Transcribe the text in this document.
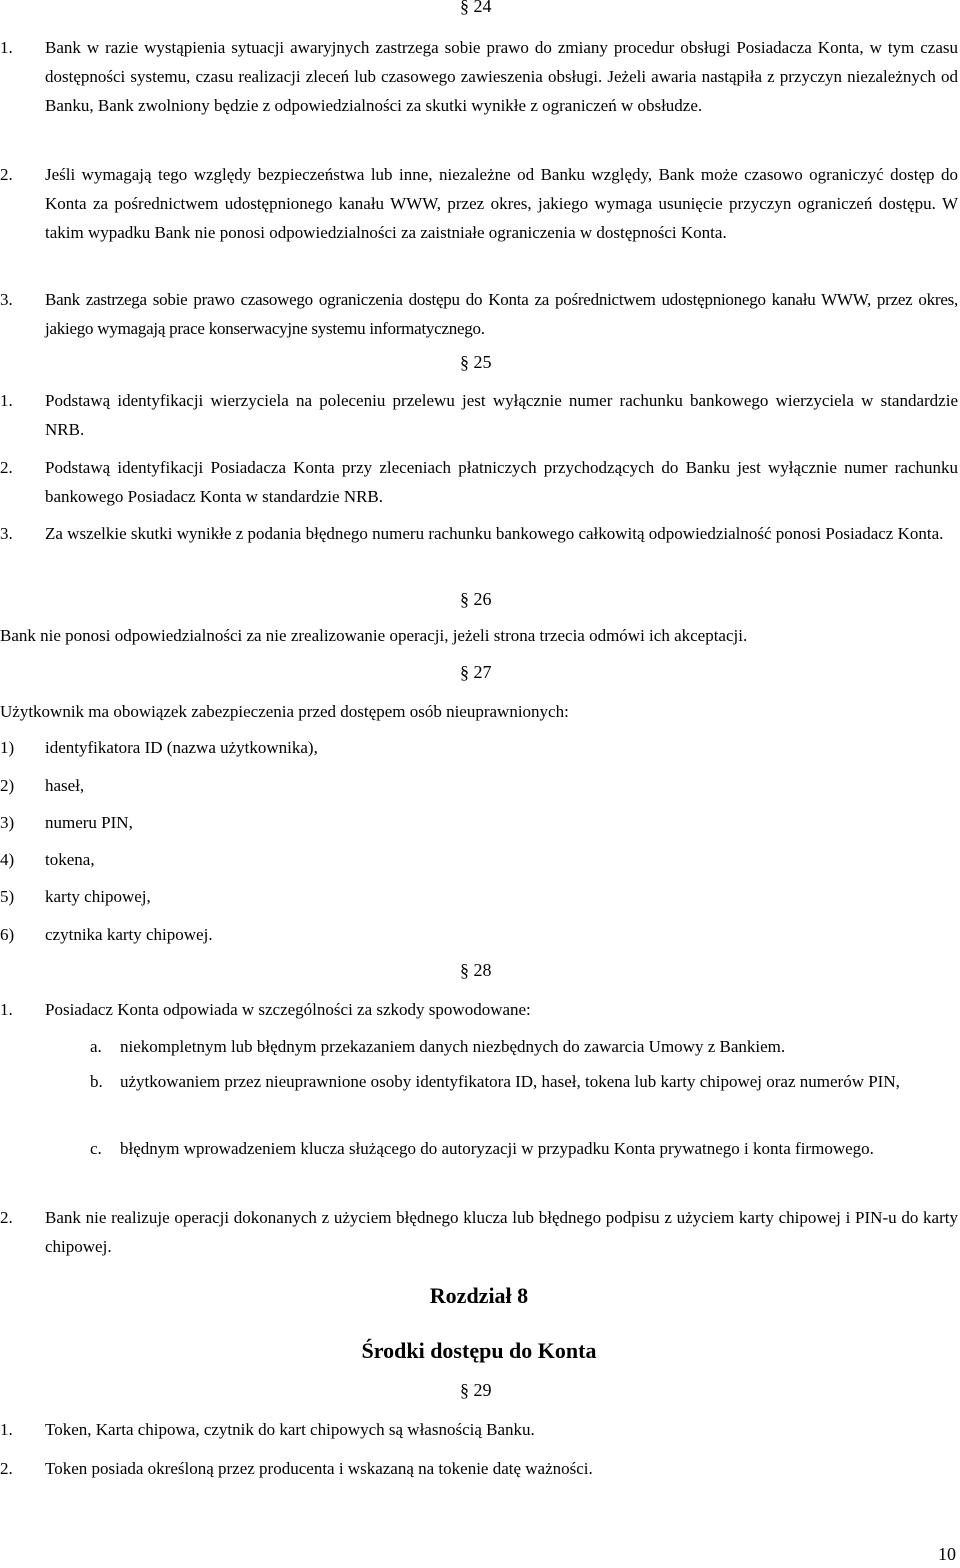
§ 24
1. Bank w razie wystąpienia sytuacji awaryjnych zastrzega sobie prawo do zmiany procedur obsługi Posiadacza Konta, w tym czasu dostępności systemu, czasu realizacji zleceń lub czasowego zawieszenia obsługi. Jeżeli awaria nastąpiła z przyczyn niezależnych od Banku, Bank zwolniony będzie z odpowiedzialności za skutki wynikłe z ograniczeń w obsłudze.
2. Jeśli wymagają tego względy bezpieczeństwa lub inne, niezależne od Banku względy, Bank może czasowo ograniczyć dostęp do Konta za pośrednictwem udostępnionego kanału WWW, przez okres, jakiego wymaga usunięcie przyczyn ograniczeń dostępu. W takim wypadku Bank nie ponosi odpowiedzialności za zaistniałe ograniczenia w dostępności Konta.
3. Bank zastrzega sobie prawo czasowego ograniczenia dostępu do Konta za pośrednictwem udostępnionego kanału WWW, przez okres, jakiego wymagają prace konserwacyjne systemu informatycznego.
§ 25
1. Podstawą identyfikacji wierzyciela na poleceniu przelewu jest wyłącznie numer rachunku bankowego wierzyciela w standardzie NRB.
2. Podstawą identyfikacji Posiadacza Konta przy zleceniach płatniczych przychodzących do Banku jest wyłącznie numer rachunku bankowego Posiadacz Konta w standardzie NRB.
3. Za wszelkie skutki wynikłe z podania błędnego numeru rachunku bankowego całkowitą odpowiedzialność ponosi Posiadacz Konta.
§ 26
Bank nie ponosi odpowiedzialności za nie zrealizowanie operacji, jeżeli strona trzecia odmówi ich akceptacji.
§ 27
Użytkownik ma obowiązek zabezpieczenia przed dostępem osób nieuprawnionych:
1) identyfikatora ID (nazwa użytkownika),
2) haseł,
3) numeru PIN,
4) tokena,
5) karty chipowej,
6) czytnika karty chipowej.
§ 28
1. Posiadacz Konta odpowiada w szczególności za szkody spowodowane:
a. niekompletnym lub błędnym przekazaniem danych niezbędnych do zawarcia Umowy z Bankiem.
b. użytkowaniem przez nieuprawnione osoby identyfikatora ID, haseł, tokena lub karty chipowej oraz numerów PIN,
c. błędnym wprowadzeniem klucza służącego do autoryzacji w przypadku Konta prywatnego i konta firmowego.
2. Bank nie realizuje operacji dokonanych z użyciem błędnego klucza lub błędnego podpisu z użyciem karty chipowej i PIN-u do karty chipowej.
Rozdział 8
Środki dostępu do Konta
§ 29
1. Token, Karta chipowa, czytnik do kart chipowych są własnością Banku.
2. Token posiada określoną przez producenta i wskazaną na tokenie datę ważności.
10
